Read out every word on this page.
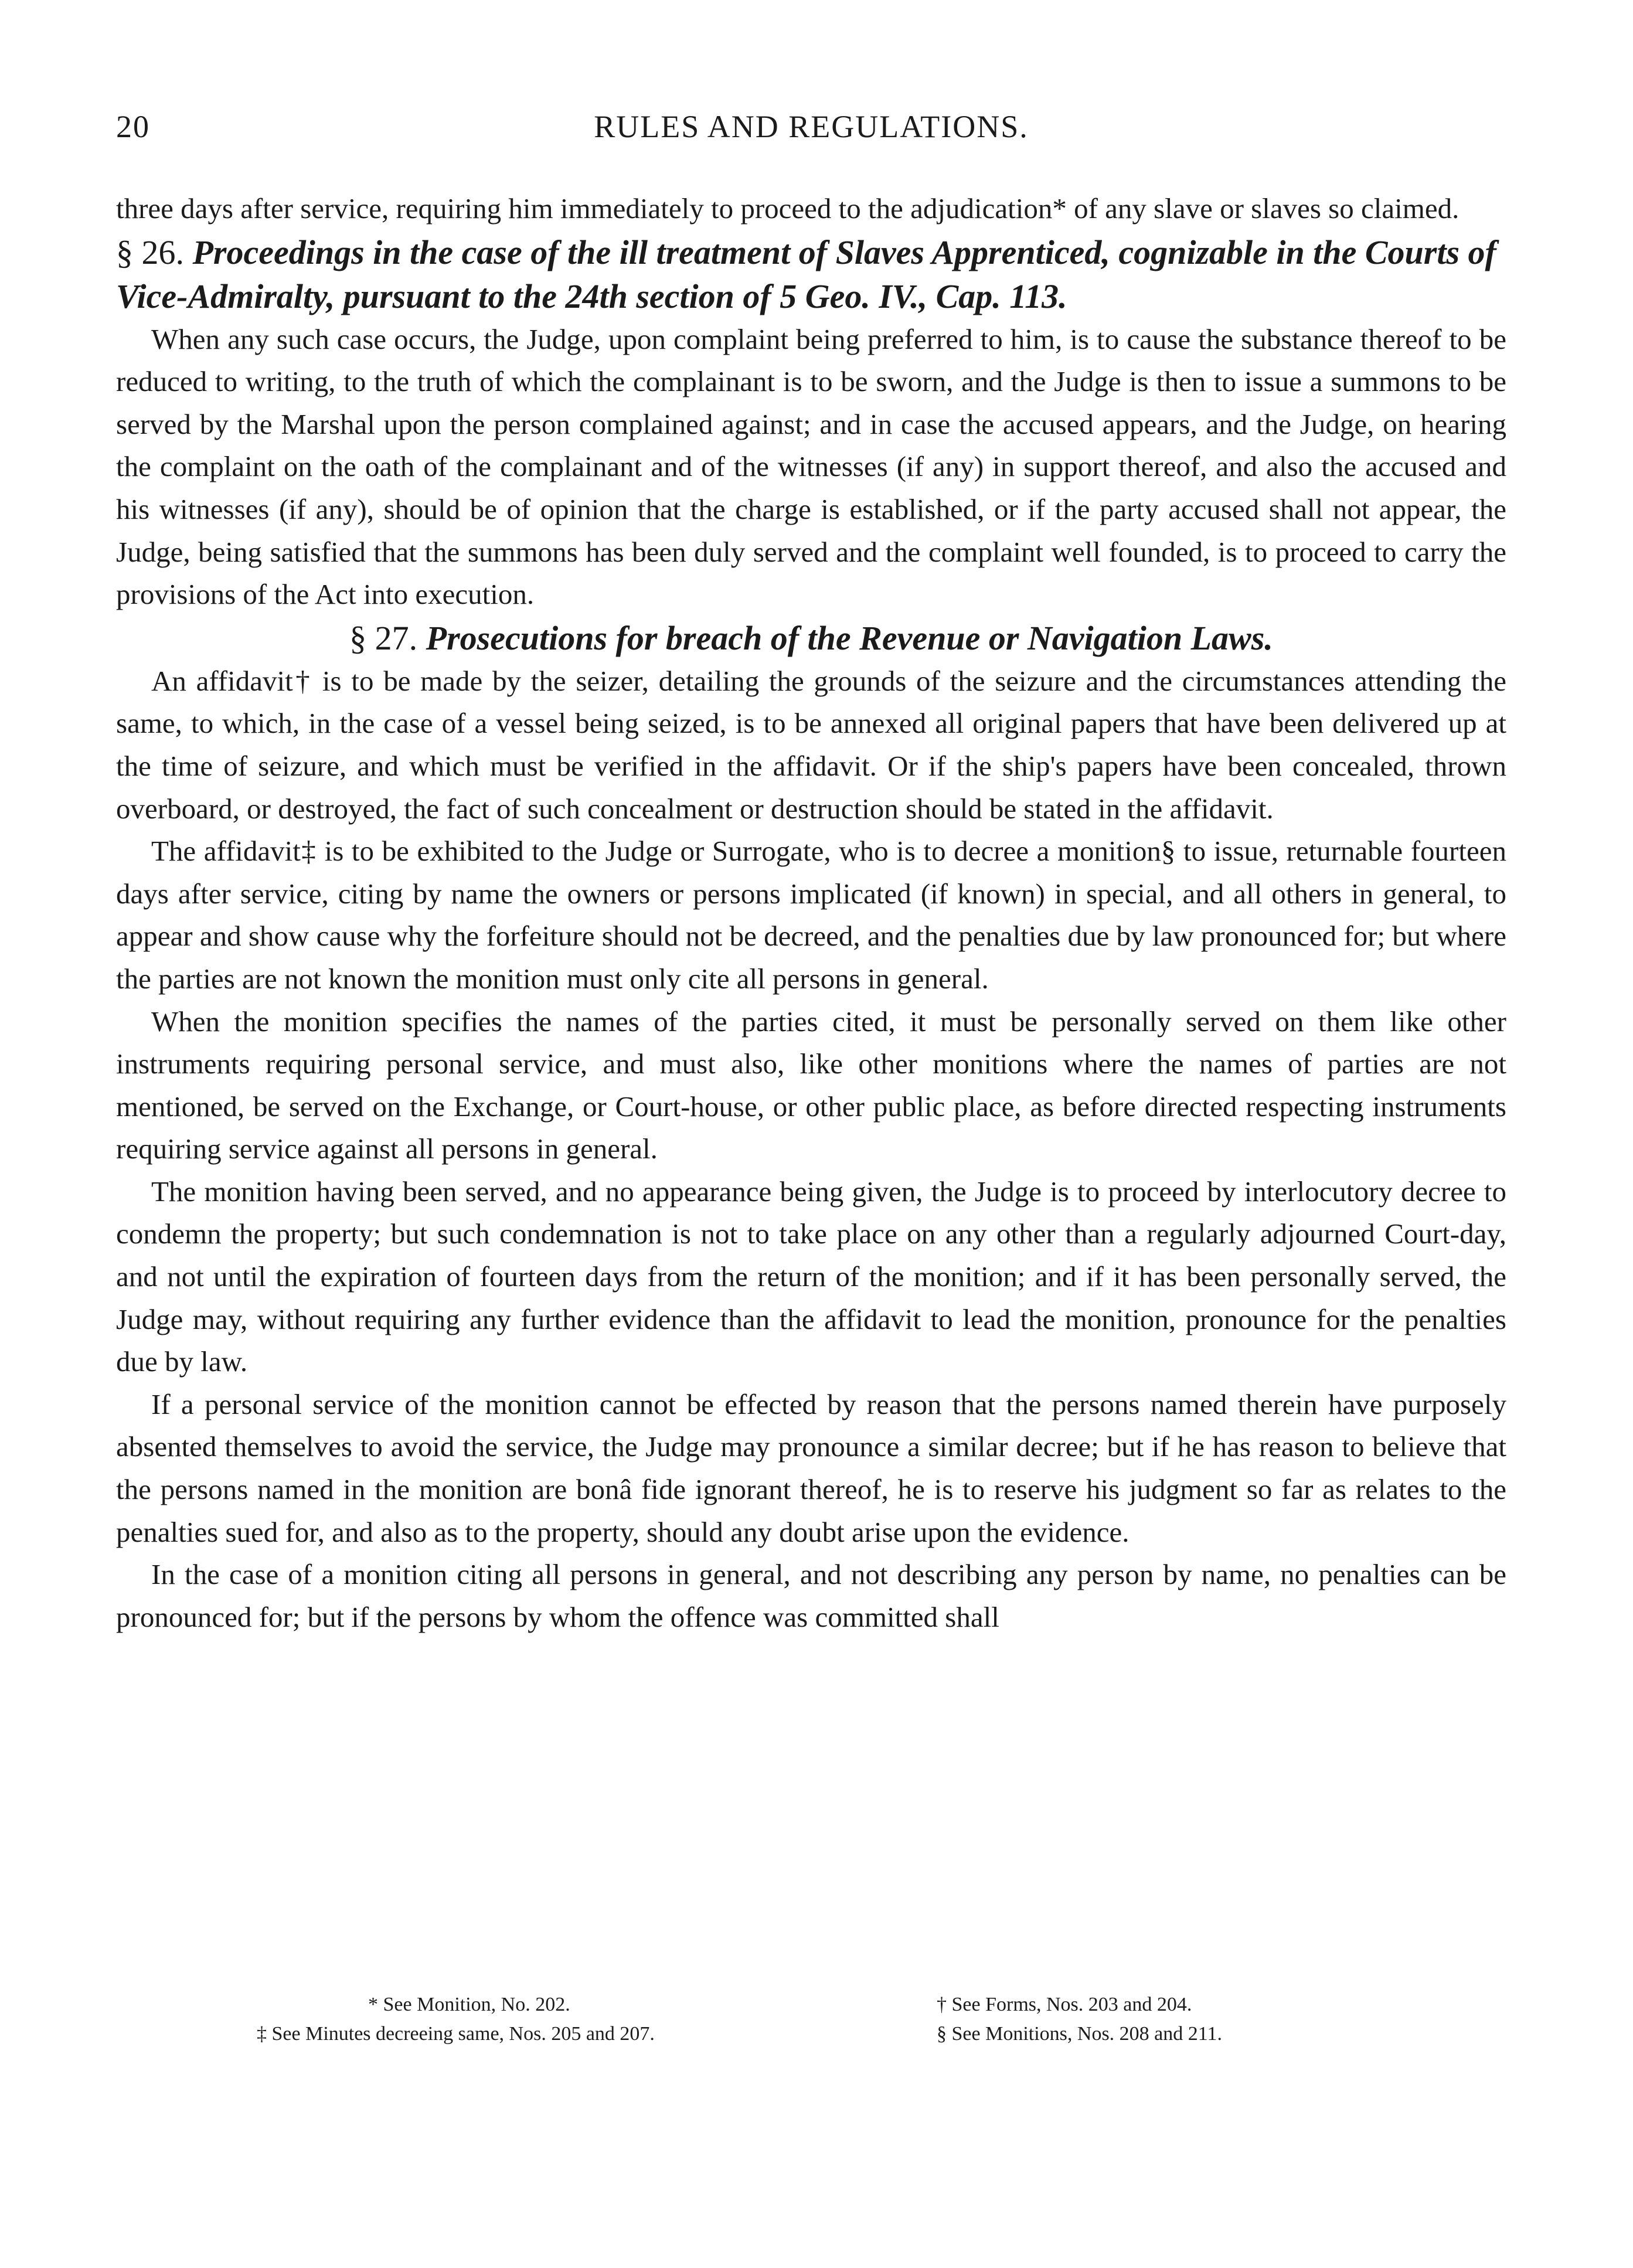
20	RULES AND REGULATIONS.

three days after service, requiring him immediately to proceed to the adjudication* of any slave or slaves so claimed.

§ 26. Proceedings in the case of the ill treatment of Slaves Apprenticed, cognizable in the Courts of Vice-Admiralty, pursuant to the 24th section of 5 Geo. IV., Cap. 113.

When any such case occurs, the Judge, upon complaint being preferred to him, is to cause the substance thereof to be reduced to writing, to the truth of which the complainant is to be sworn, and the Judge is then to issue a summons to be served by the Marshal upon the person complained against; and in case the accused appears, and the Judge, on hearing the complaint on the oath of the complainant and of the witnesses (if any) in support thereof, and also the accused and his witnesses (if any), should be of opinion that the charge is established, or if the party accused shall not appear, the Judge, being satisfied that the summons has been duly served and the complaint well founded, is to proceed to carry the provisions of the Act into execution.

§ 27. Prosecutions for breach of the Revenue or Navigation Laws.

An affidavit† is to be made by the seizer, detailing the grounds of the seizure and the circumstances attending the same, to which, in the case of a vessel being seized, is to be annexed all original papers that have been delivered up at the time of seizure, and which must be verified in the affidavit. Or if the ship's papers have been concealed, thrown overboard, or destroyed, the fact of such concealment or destruction should be stated in the affidavit.

The affidavit‡ is to be exhibited to the Judge or Surrogate, who is to decree a monition§ to issue, returnable fourteen days after service, citing by name the owners or persons implicated (if known) in special, and all others in general, to appear and show cause why the forfeiture should not be decreed, and the penalties due by law pronounced for; but where the parties are not known the monition must only cite all persons in general.

When the monition specifies the names of the parties cited, it must be personally served on them like other instruments requiring personal service, and must also, like other monitions where the names of parties are not mentioned, be served on the Exchange, or Court-house, or other public place, as before directed respecting instruments requiring service against all persons in general.

The monition having been served, and no appearance being given, the Judge is to proceed by interlocutory decree to condemn the property; but such condemnation is not to take place on any other than a regularly adjourned Court-day, and not until the expiration of fourteen days from the return of the monition; and if it has been personally served, the Judge may, without requiring any further evidence than the affidavit to lead the monition, pronounce for the penalties due by law.

If a personal service of the monition cannot be effected by reason that the persons named therein have purposely absented themselves to avoid the service, the Judge may pronounce a similar decree; but if he has reason to believe that the persons named in the monition are bonâ fide ignorant thereof, he is to reserve his judgment so far as relates to the penalties sued for, and also as to the property, should any doubt arise upon the evidence.

In the case of a monition citing all persons in general, and not describing any person by name, no penalties can be pronounced for; but if the persons by whom the offence was committed shall

* See Monition, No. 202.	† See Forms, Nos. 203 and 204.
‡ See Minutes decreeing same, Nos. 205 and 207.	§ See Monitions, Nos. 208 and 211.
